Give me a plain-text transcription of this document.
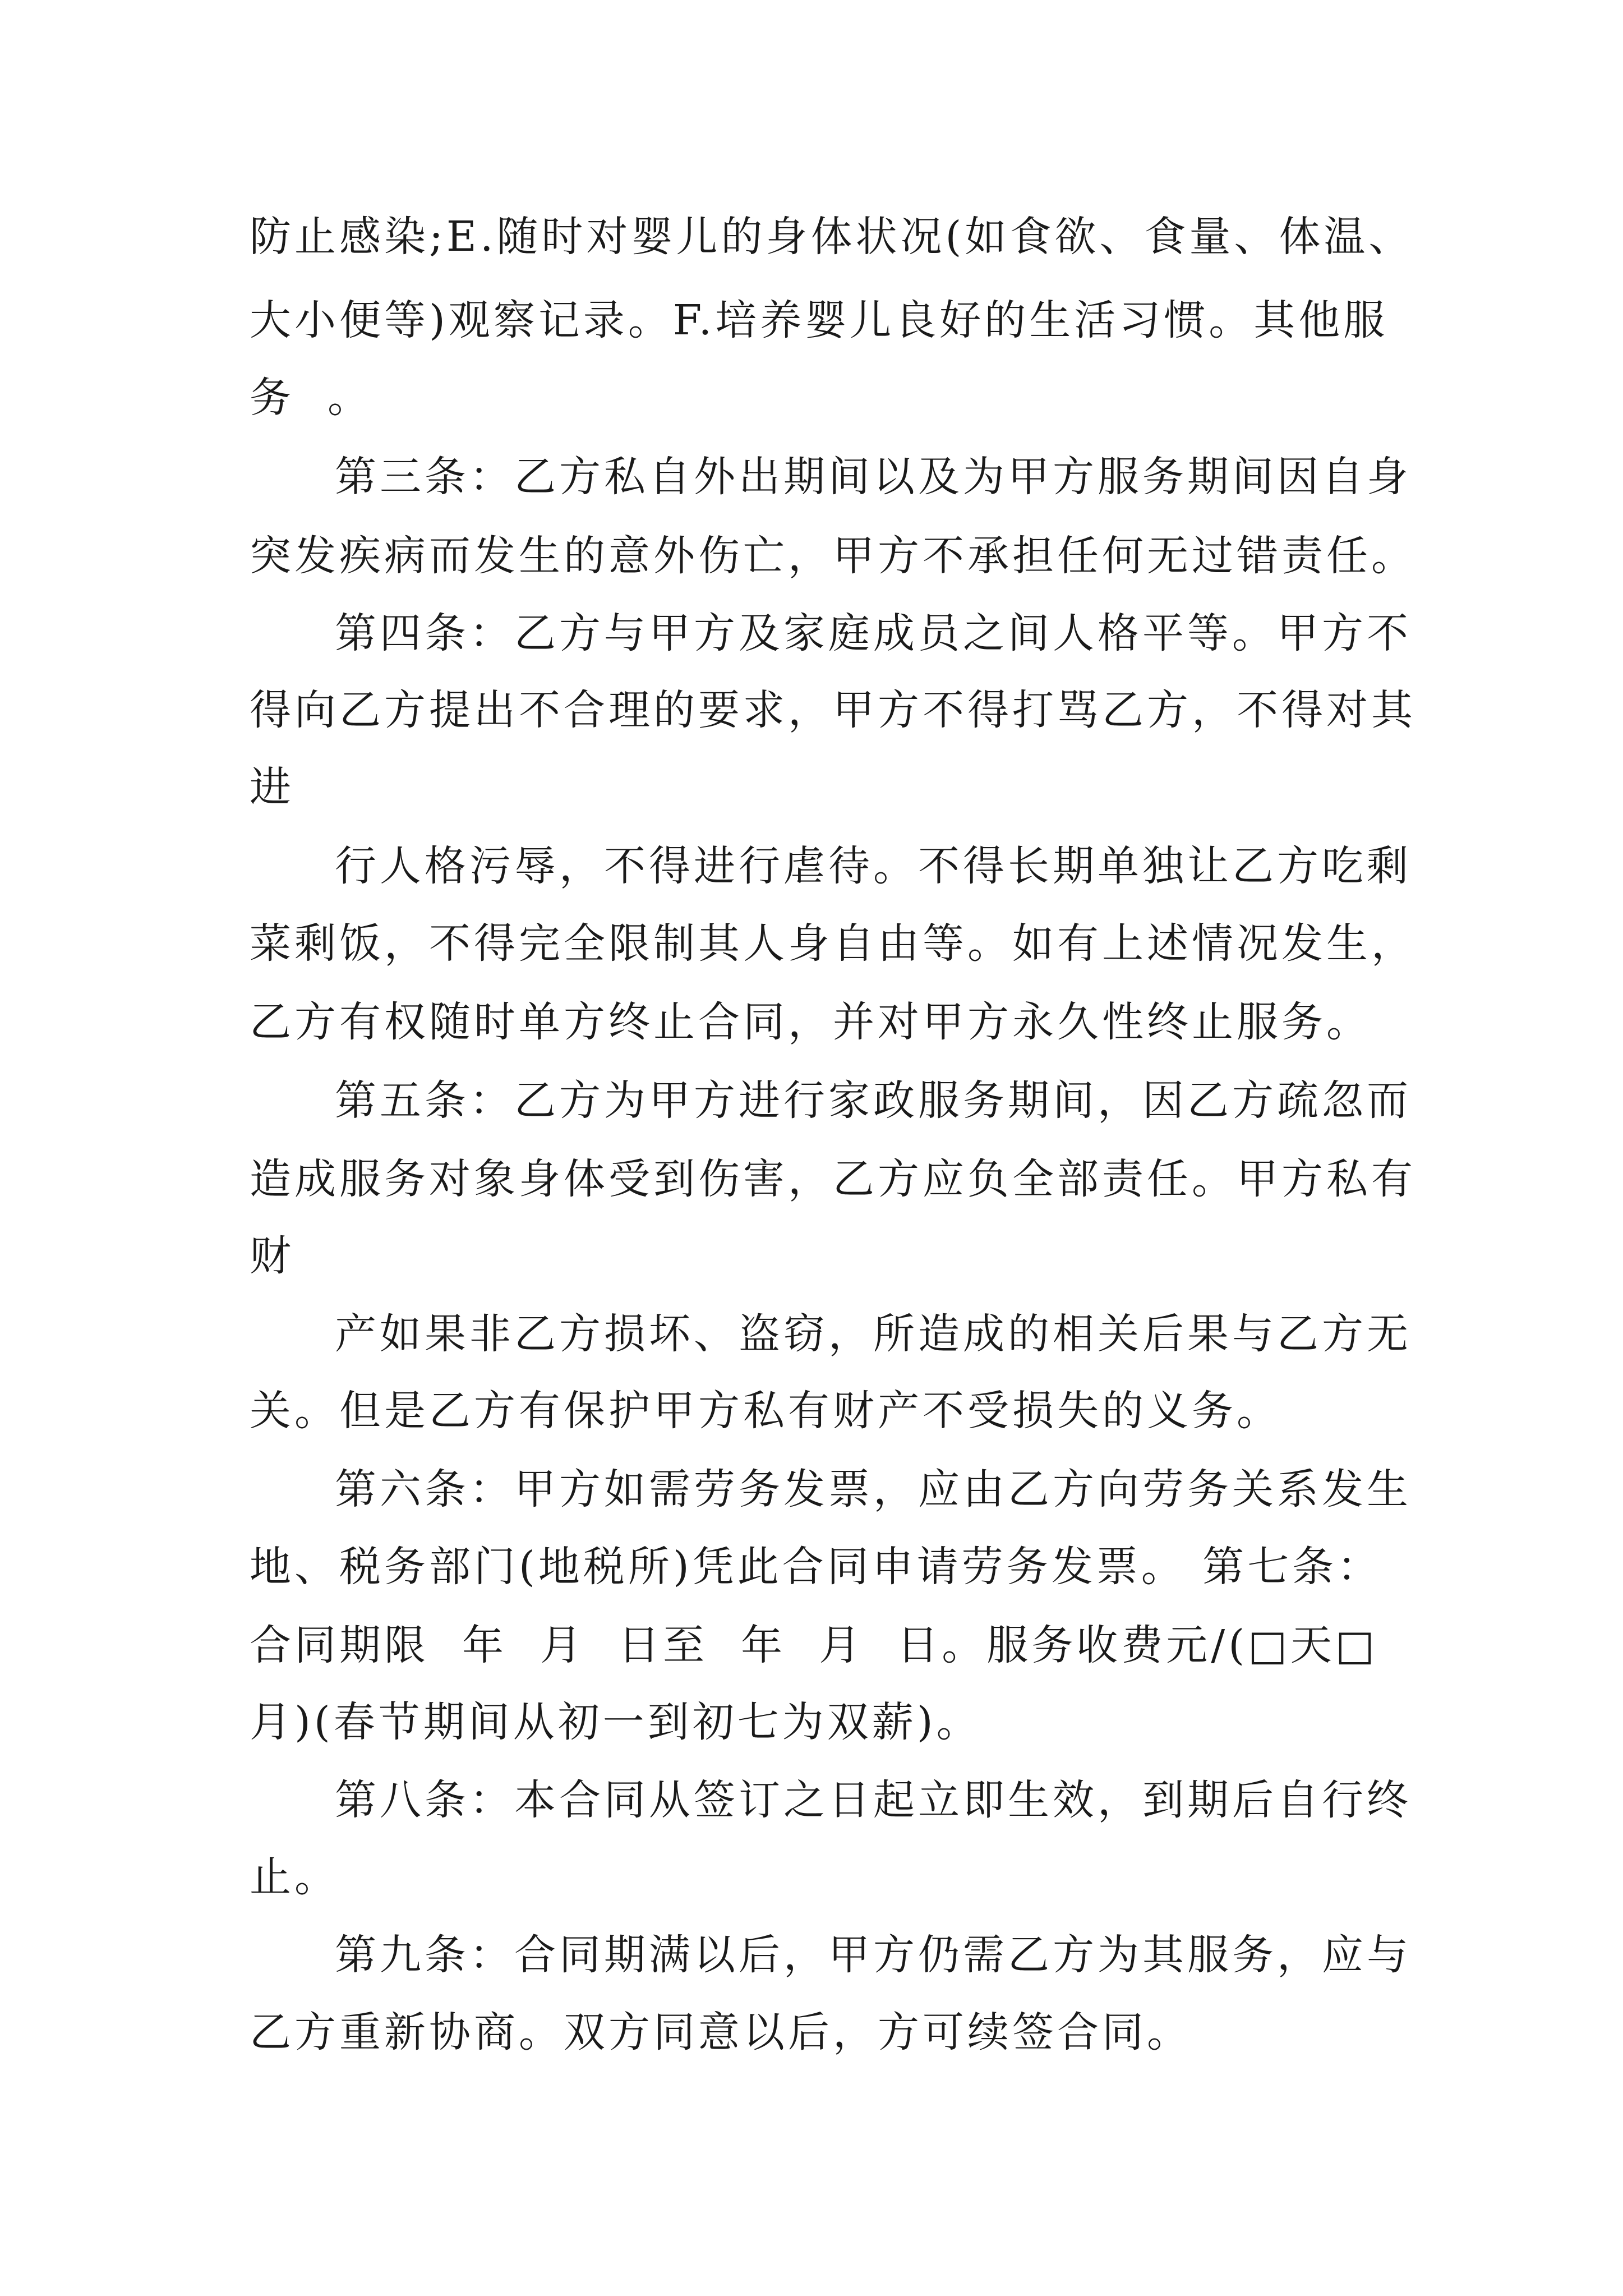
防止感染;E.随时对婴儿的身体状况(如食欲、食量、体温、

大小便等)观察记录。F.培养婴儿良好的生活习惯。其他服

务  。

第三条：乙方私自外出期间以及为甲方服务期间因自身

突发疾病而发生的意外伤亡，甲方不承担任何无过错责任。

第四条：乙方与甲方及家庭成员之间人格平等。甲方不

得向乙方提出不合理的要求，甲方不得打骂乙方，不得对其

进

行人格污辱，不得进行虐待。不得长期单独让乙方吃剩

菜剩饭，不得完全限制其人身自由等。如有上述情况发生，

乙方有权随时单方终止合同，并对甲方永久性终止服务。

第五条：乙方为甲方进行家政服务期间，因乙方疏忽而

造成服务对象身体受到伤害，乙方应负全部责任。甲方私有

财

产如果非乙方损坏、盗窃，所造成的相关后果与乙方无

关。但是乙方有保护甲方私有财产不受损失的义务。

第六条：甲方如需劳务发票，应由乙方向劳务关系发生

地、税务部门(地税所)凭此合同申请劳务发票。 第七条：

合同期限  年  月  日至  年  月  日。服务收费元/(□天□

月)(春节期间从初一到初七为双薪)。

第八条：本合同从签订之日起立即生效，到期后自行终

止。

第九条：合同期满以后，甲方仍需乙方为其服务，应与

乙方重新协商。双方同意以后，方可续签合同。
